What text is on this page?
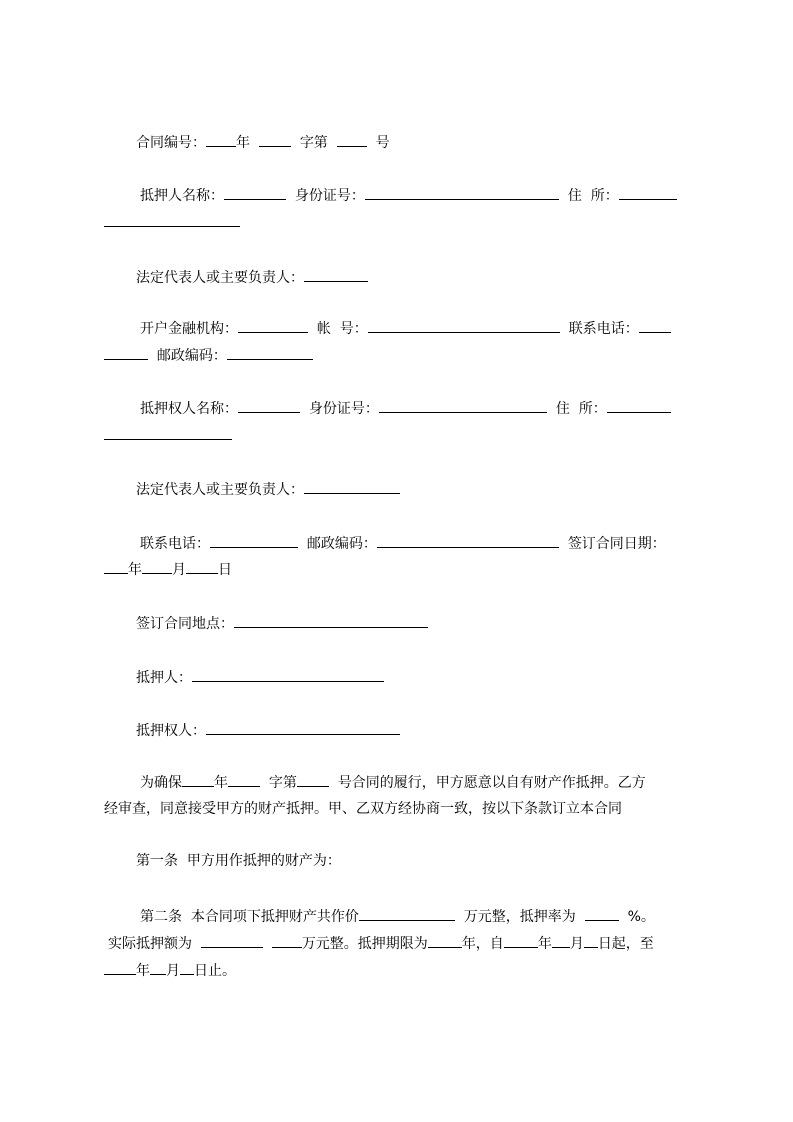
合同编号： 年	字第	号
抵押人名称：	身份证号：	住  所：
法定代表人或主要负责人：
开户金融机构：	帐  号：	联系电话：
邮政编码：
抵押权人名称：	身份证号：	住  所：
法定代表人或主要负责人：
联系电话：	邮政编码：	签订合同日期：
年 月 日
签订合同地点：
抵押人：
抵押权人：
为确保 年	字第	号合同的履行，甲方愿意以自有财产作抵押。乙方
经审查，同意接受甲方的财产抵押。甲、乙双方经协商一致，按以下条款订立本合同
第一条  甲方用作抵押的财产为：
第二条  本合同项下抵押财产共作价	万元整，抵押率为	%。
实际抵押额为	万元整。抵押期限为 年，自 年 月 日起，至
年 月 日止。
